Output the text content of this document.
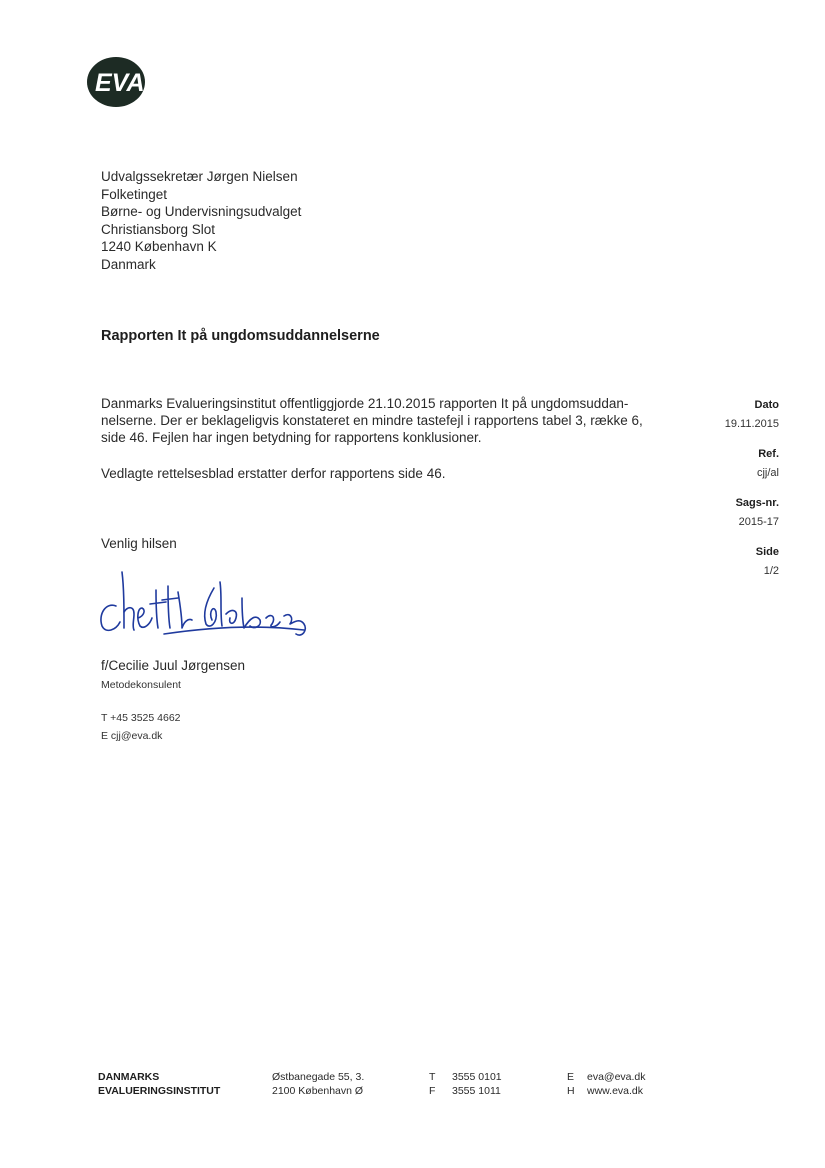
EVA
Udvalgssekretær Jørgen Nielsen
Folketinget
Børne- og Undervisningsudvalget
Christiansborg Slot
1240 København K
Danmark
Rapporten It på ungdomsuddannelserne
Danmarks Evalueringsinstitut offentliggjorde 21.10.2015 rapporten It på ungdomsuddan-
nelserne. Der er beklageligvis konstateret en mindre tastefejl i rapportens tabel 3, række 6,
side 46. Fejlen har ingen betydning for rapportens konklusioner.
Vedlagte rettelsesblad erstatter derfor rapportens side 46.
Dato
19.11.2015
Ref.
cjj/al
Sags-nr.
2015-17
Side
1/2
Venlig hilsen
f/Cecilie Juul Jørgensen
Metodekonsulent
T +45 3525 4662
E cjj@eva.dk
DANMARKS
EVALUERINGSINSTITUT
Østbanegade 55, 3.
2100 København Ø
T
F
3555 0101
3555 1011
E
H
eva@eva.dk
www.eva.dk
